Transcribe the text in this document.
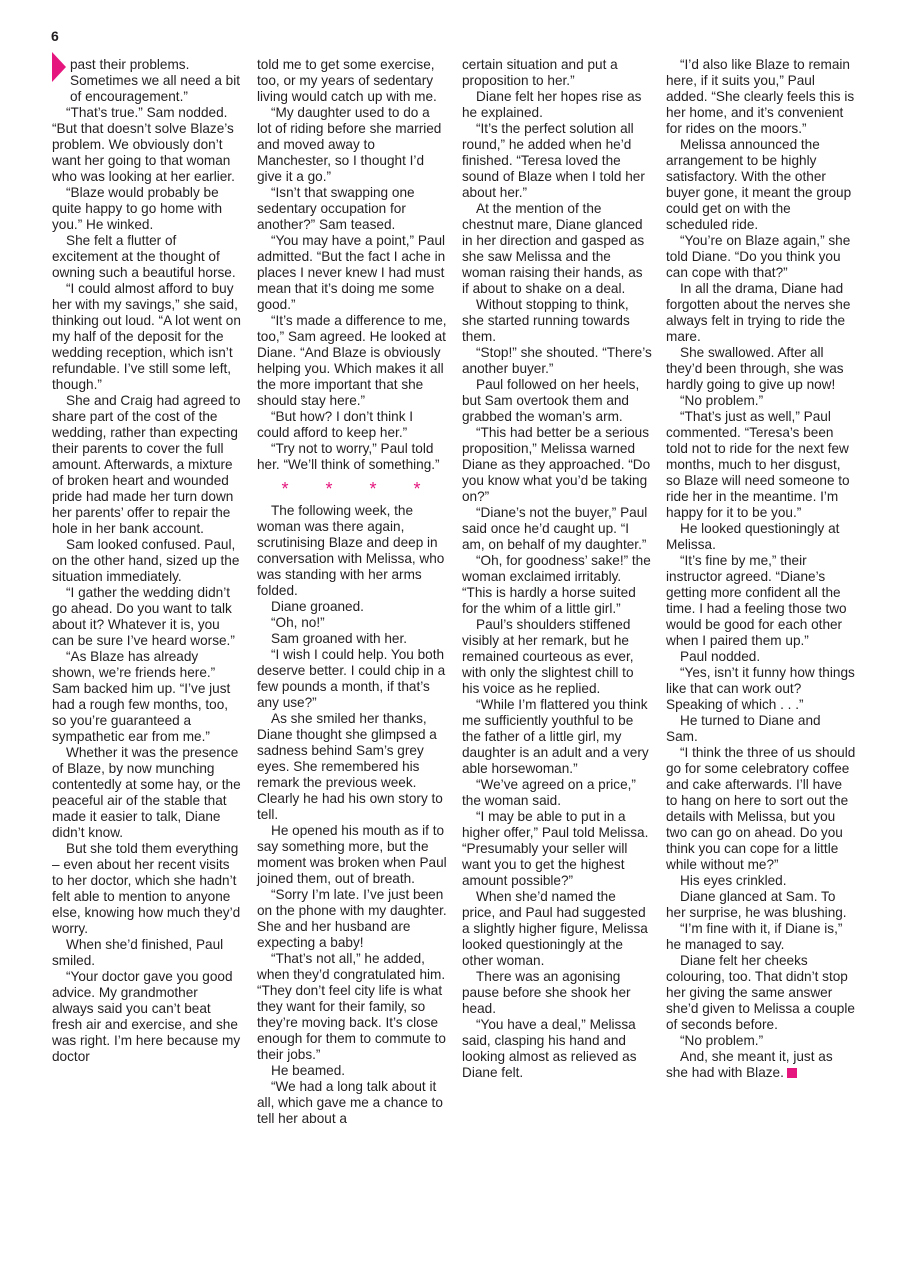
6

past their problems. Sometimes we all need a bit of encouragement.”

“That’s true.” Sam nodded. “But that doesn’t solve Blaze’s problem. We obviously don’t want her going to that woman who was looking at her earlier.

“Blaze would probably be quite happy to go home with you.” He winked.

She felt a flutter of excitement at the thought of owning such a beautiful horse.

“I could almost afford to buy her with my savings,” she said, thinking out loud. “A lot went on my half of the deposit for the wedding reception, which isn’t refundable. I’ve still some left, though.”

She and Craig had agreed to share part of the cost of the wedding, rather than expecting their parents to cover the full amount. Afterwards, a mixture of broken heart and wounded pride had made her turn down her parents’ offer to repair the hole in her bank account.

Sam looked confused. Paul, on the other hand, sized up the situation immediately.

“I gather the wedding didn’t go ahead. Do you want to talk about it? Whatever it is, you can be sure I’ve heard worse.”

“As Blaze has already shown, we’re friends here.” Sam backed him up. “I’ve just had a rough few months, too, so you’re guaranteed a sympathetic ear from me.”

Whether it was the presence of Blaze, by now munching contentedly at some hay, or the peaceful air of the stable that made it easier to talk, Diane didn’t know.

But she told them everything – even about her recent visits to her doctor, which she hadn’t felt able to mention to anyone else, knowing how much they’d worry.

When she’d finished, Paul smiled.

“Your doctor gave you good advice. My grandmother always said you can’t beat fresh air and exercise, and she was right. I’m here because my doctor

told me to get some exercise, too, or my years of sedentary living would catch up with me.

“My daughter used to do a lot of riding before she married and moved away to Manchester, so I thought I’d give it a go.”

“Isn’t that swapping one sedentary occupation for another?” Sam teased.

“You may have a point,” Paul admitted. “But the fact I ache in places I never knew I had must mean that it’s doing me some good.”

“It’s made a difference to me, too,” Sam agreed. He looked at Diane. “And Blaze is obviously helping you. Which makes it all the more important that she should stay here.”

“But how? I don’t think I could afford to keep her.”

“Try not to worry,” Paul told her. “We’ll think of something.”

* * * *

The following week, the woman was there again, scrutinising Blaze and deep in conversation with Melissa, who was standing with her arms folded.

Diane groaned.

“Oh, no!”

Sam groaned with her.

“I wish I could help. You both deserve better. I could chip in a few pounds a month, if that’s any use?”

As she smiled her thanks, Diane thought she glimpsed a sadness behind Sam’s grey eyes. She remembered his remark the previous week. Clearly he had his own story to tell.

He opened his mouth as if to say something more, but the moment was broken when Paul joined them, out of breath.

“Sorry I’m late. I’ve just been on the phone with my daughter. She and her husband are expecting a baby!

“That’s not all,” he added, when they’d congratulated him. “They don’t feel city life is what they want for their family, so they’re moving back. It’s close enough for them to commute to their jobs.”

He beamed.

“We had a long talk about it all, which gave me a chance to tell her about a

certain situation and put a proposition to her.”

Diane felt her hopes rise as he explained.

“It’s the perfect solution all round,” he added when he’d finished. “Teresa loved the sound of Blaze when I told her about her.”

At the mention of the chestnut mare, Diane glanced in her direction and gasped as she saw Melissa and the woman raising their hands, as if about to shake on a deal.

Without stopping to think, she started running towards them.

“Stop!” she shouted. “There’s another buyer.”

Paul followed on her heels, but Sam overtook them and grabbed the woman’s arm.

“This had better be a serious proposition,” Melissa warned Diane as they approached. “Do you know what you’d be taking on?”

“Diane’s not the buyer,” Paul said once he’d caught up. “I am, on behalf of my daughter.”

“Oh, for goodness’ sake!” the woman exclaimed irritably. “This is hardly a horse suited for the whim of a little girl.”

Paul’s shoulders stiffened visibly at her remark, but he remained courteous as ever, with only the slightest chill to his voice as he replied.

“While I’m flattered you think me sufficiently youthful to be the father of a little girl, my daughter is an adult and a very able horsewoman.”

“We’ve agreed on a price,” the woman said.

“I may be able to put in a higher offer,” Paul told Melissa. “Presumably your seller will want you to get the highest amount possible?”

When she’d named the price, and Paul had suggested a slightly higher figure, Melissa looked questioningly at the other woman.

There was an agonising pause before she shook her head.

“You have a deal,” Melissa said, clasping his hand and looking almost as relieved as Diane felt.

“I’d also like Blaze to remain here, if it suits you,” Paul added. “She clearly feels this is her home, and it’s convenient for rides on the moors.”

Melissa announced the arrangement to be highly satisfactory. With the other buyer gone, it meant the group could get on with the scheduled ride.

“You’re on Blaze again,” she told Diane. “Do you think you can cope with that?”

In all the drama, Diane had forgotten about the nerves she always felt in trying to ride the mare.

She swallowed. After all they’d been through, she was hardly going to give up now!

“No problem.”

“That’s just as well,” Paul commented. “Teresa’s been told not to ride for the next few months, much to her disgust, so Blaze will need someone to ride her in the meantime. I’m happy for it to be you.”

He looked questioningly at Melissa.

“It’s fine by me,” their instructor agreed. “Diane’s getting more confident all the time. I had a feeling those two would be good for each other when I paired them up.”

Paul nodded.

“Yes, isn’t it funny how things like that can work out? Speaking of which . . .”

He turned to Diane and Sam.

“I think the three of us should go for some celebratory coffee and cake afterwards. I’ll have to hang on here to sort out the details with Melissa, but you two can go on ahead. Do you think you can cope for a little while without me?”

His eyes crinkled.

Diane glanced at Sam. To her surprise, he was blushing.

“I’m fine with it, if Diane is,” he managed to say.

Diane felt her cheeks colouring, too. That didn’t stop her giving the same answer she’d given to Melissa a couple of seconds before.

“No problem.”

And, she meant it, just as she had with Blaze.
